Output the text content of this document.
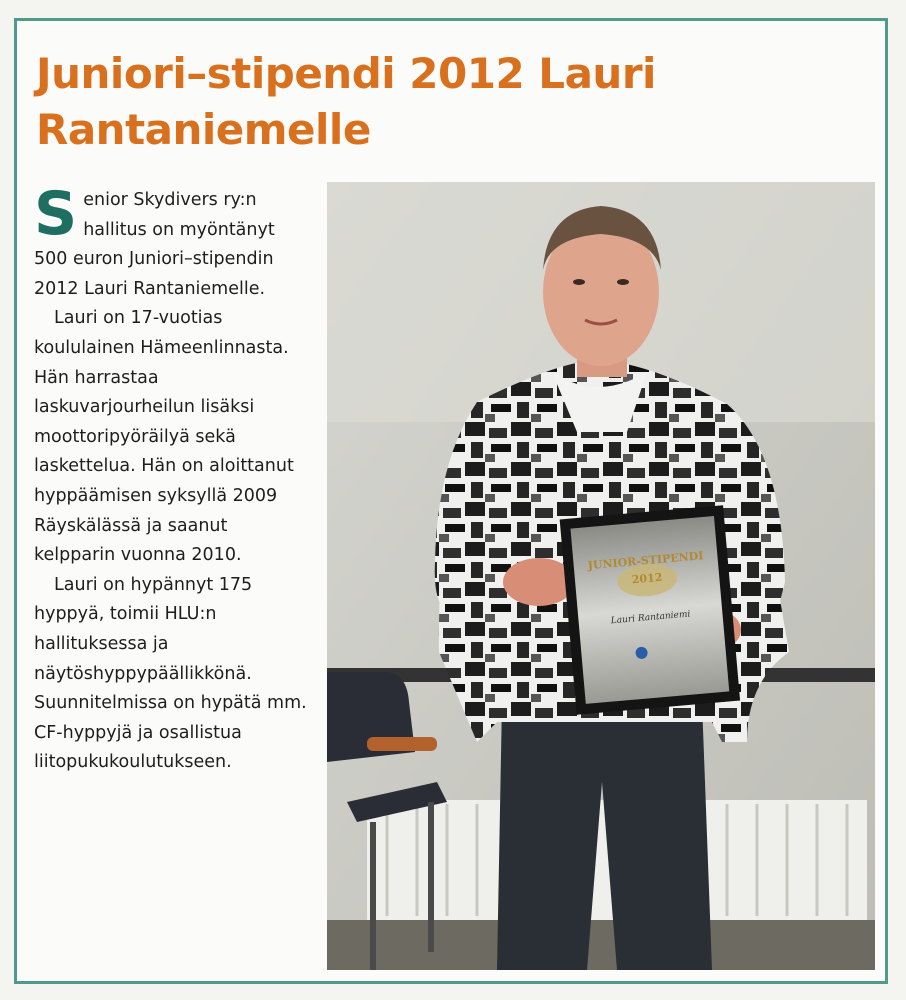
Juniori–stipendi 2012 Lauri Rantaniemelle

Senior Skydivers ry:n hallitus on myöntänyt 500 euron Juniori–stipendin 2012 Lauri Rantaniemelle.

Lauri on 17-vuotias koululainen Hämeenlinnasta. Hän harrastaa laskuvarjourheilun lisäksi moottoripyöräilyä sekä laskettelua. Hän on aloittanut hyppäämisen syksyllä 2009 Räyskälässä ja saanut kelpparin vuonna 2010.

Lauri on hypännyt 175 hyppyä, toimii HLU:n hallituksessa ja näytöshyppypäällikkönä. Suunnitelmissa on hypätä mm. CF-hyppyjä ja osallistua liitopukukoulutukseen.

JUNIOR-STIPENDI
2012
Lauri Rantaniemi
